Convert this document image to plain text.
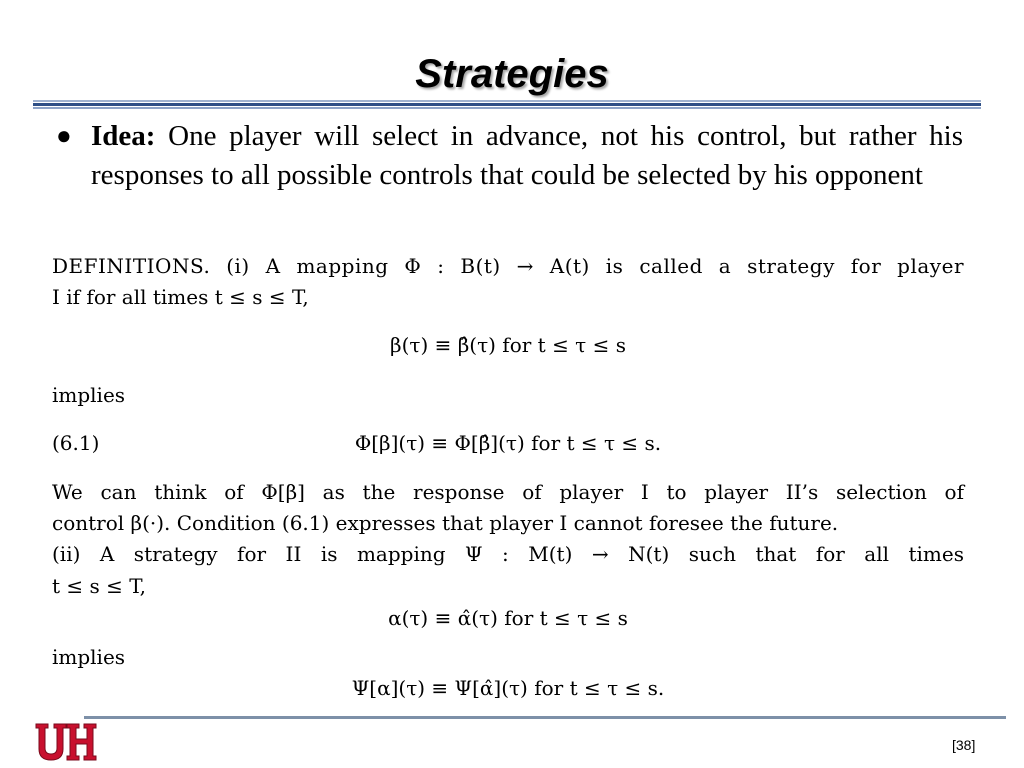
Strategies
● Idea: One player will select in advance, not his control, but rather his responses to all possible controls that could be selected by his opponent
DEFINITIONS. (i) A mapping Φ : B(t) → A(t) is called a strategy for player
I if for all times t ≤ s ≤ T,
β(τ) ≡ β̂(τ) for t ≤ τ ≤ s
implies
(6.1)	Φ[β](τ) ≡ Φ[β̂](τ) for t ≤ τ ≤ s.
We can think of Φ[β] as the response of player I to player II’s selection of
control β(·). Condition (6.1) expresses that player I cannot foresee the future.
(ii) A strategy for II is mapping Ψ : M(t) → N(t) such that for all times
t ≤ s ≤ T,
α(τ) ≡ α̂(τ) for t ≤ τ ≤ s
implies
Ψ[α](τ) ≡ Ψ[α̂](τ) for t ≤ τ ≤ s.
[38]
